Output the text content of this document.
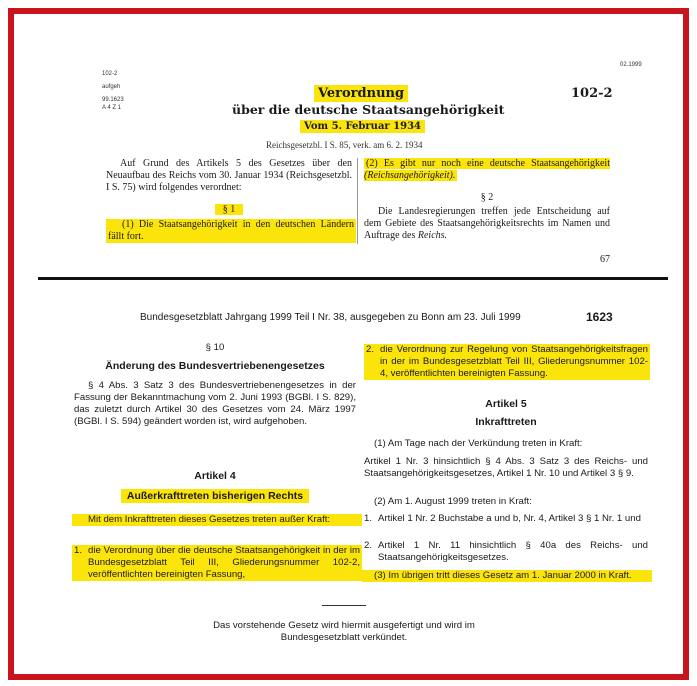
102-2
aufgeh
99.1623
A 4 Z 1
02.1999
Verordnung	102-2
über die deutsche Staatsangehörigkeit
Vom 5. Februar 1934
Reichsgesetzbl. I S. 85, verk. am 6. 2. 1934
Auf Grund des Artikels 5 des Gesetzes über den Neuaufbau des Reichs vom 30. Januar 1934 (Reichsgesetzbl. I S. 75) wird folgendes verordnet:
§ 1
(1) Die Staatsangehörigkeit in den deutschen Ländern fällt fort.
(2) Es gibt nur noch eine deutsche Staatsangehörigkeit (Reichsangehörigkeit).
§ 2
Die Landesregierungen treffen jede Entscheidung auf dem Gebiete des Staatsangehörigkeitsrechts im Namen und Auftrage des Reichs.
67
Bundesgesetzblatt Jahrgang 1999 Teil I Nr. 38, ausgegeben zu Bonn am 23. Juli 1999	1623
§ 10
Änderung des Bundesvertriebenengesetzes
§ 4 Abs. 3 Satz 3 des Bundesvertriebenengesetzes in der Fassung der Bekanntmachung vom 2. Juni 1993 (BGBl. I S. 829), das zuletzt durch Artikel 30 des Gesetzes vom 24. März 1997 (BGBl. I S. 594) geändert worden ist, wird aufgehoben.
Artikel 4
Außerkrafttreten bisherigen Rechts
Mit dem Inkrafttreten dieses Gesetzes treten außer Kraft:
1. die Verordnung über die deutsche Staatsangehörigkeit in der im Bundesgesetzblatt Teil III, Gliederungsnummer 102-2, veröffentlichten bereinigten Fassung,
2. die Verordnung zur Regelung von Staatsangehörigkeitsfragen in der im Bundesgesetzblatt Teil III, Gliederungsnummer 102-4, veröffentlichten bereinigten Fassung.
Artikel 5
Inkrafttreten
(1) Am Tage nach der Verkündung treten in Kraft:
Artikel 1 Nr. 3 hinsichtlich § 4 Abs. 3 Satz 3 des Reichs- und Staatsangehörigkeitsgesetzes, Artikel 1 Nr. 10 und Artikel 3 § 9.
(2) Am 1. August 1999 treten in Kraft:
1. Artikel 1 Nr. 2 Buchstabe a und b, Nr. 4, Artikel 3 § 1 Nr. 1 und
2. Artikel 1 Nr. 11 hinsichtlich § 40a des Reichs- und Staatsangehörigkeitsgesetzes.
(3) Im übrigen tritt dieses Gesetz am 1. Januar 2000 in Kraft.
Das vorstehende Gesetz wird hiermit ausgefertigt und wird im Bundesgesetzblatt verkündet.
